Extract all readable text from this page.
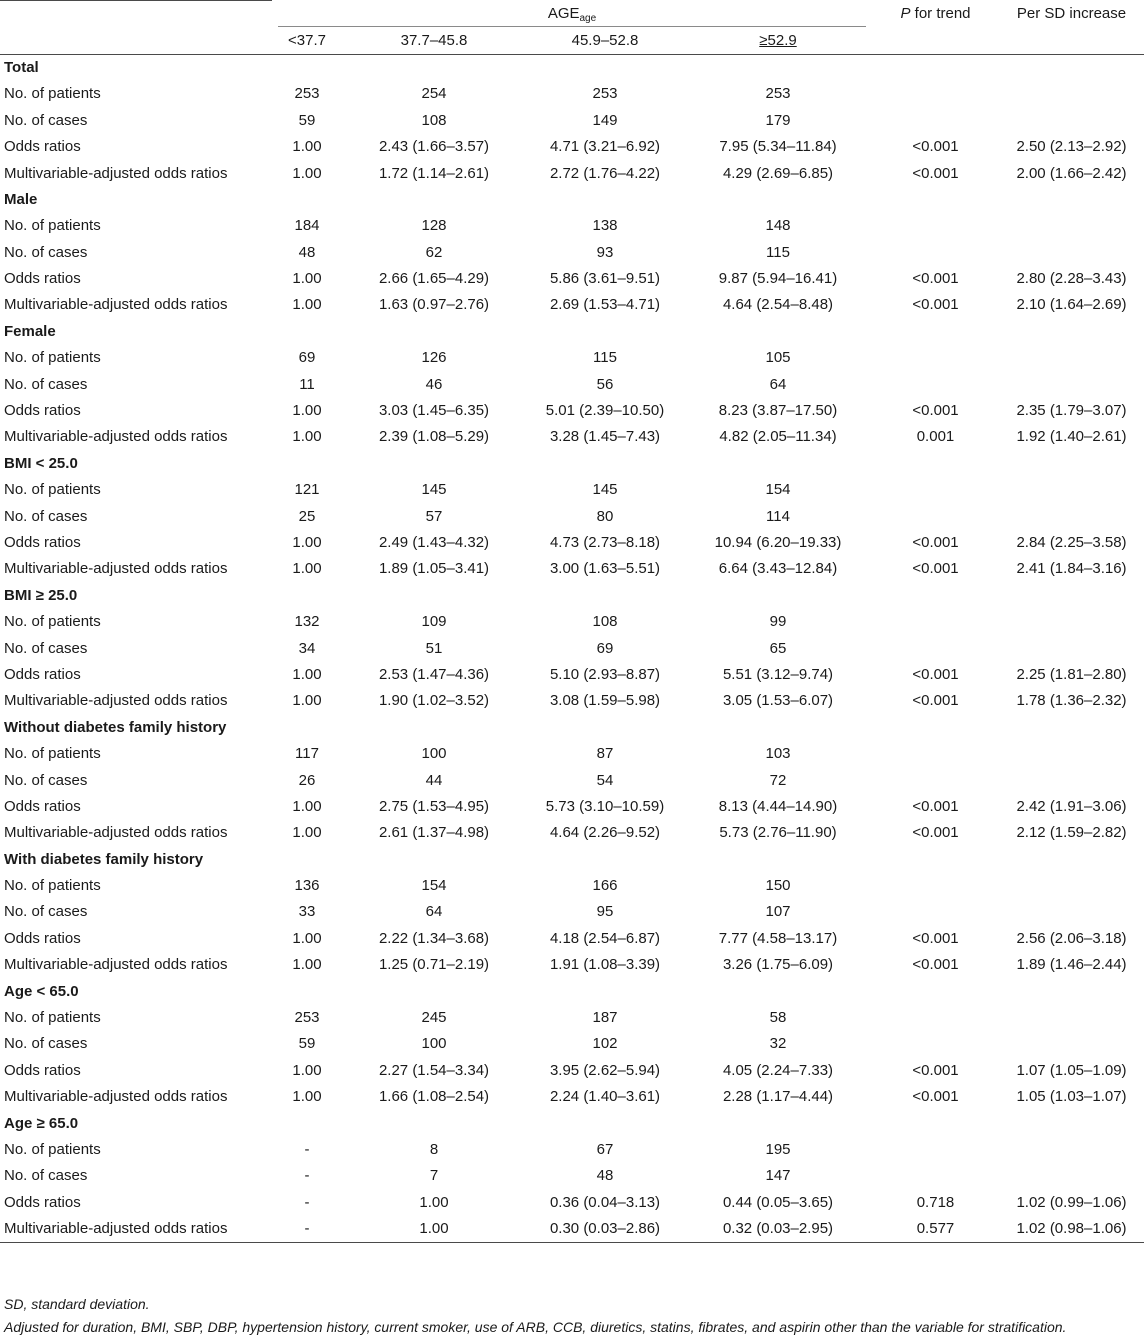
	$AGE_{age}$				P for trend	Per SD increase
	<37.7	37.7–45.8	45.9–52.8	≥52.9		
Total						
No. of patients	253	254	253	253		
No. of cases	59	108	149	179		
Odds ratios	1.00	2.43 (1.66–3.57)	4.71 (3.21–6.92)	7.95 (5.34–11.84)	<0.001	2.50 (2.13–2.92)
Multivariable-adjusted odds ratios	1.00	1.72 (1.14–2.61)	2.72 (1.76–4.22)	4.29 (2.69–6.85)	<0.001	2.00 (1.66–2.42)
Male						
No. of patients	184	128	138	148		
No. of cases	48	62	93	115		
Odds ratios	1.00	2.66 (1.65–4.29)	5.86 (3.61–9.51)	9.87 (5.94–16.41)	<0.001	2.80 (2.28–3.43)
Multivariable-adjusted odds ratios	1.00	1.63 (0.97–2.76)	2.69 (1.53–4.71)	4.64 (2.54–8.48)	<0.001	2.10 (1.64–2.69)
Female						
No. of patients	69	126	115	105		
No. of cases	11	46	56	64		
Odds ratios	1.00	3.03 (1.45–6.35)	5.01 (2.39–10.50)	8.23 (3.87–17.50)	<0.001	2.35 (1.79–3.07)
Multivariable-adjusted odds ratios	1.00	2.39 (1.08–5.29)	3.28 (1.45–7.43)	4.82 (2.05–11.34)	0.001	1.92 (1.40–2.61)
BMI < 25.0						
No. of patients	121	145	145	154		
No. of cases	25	57	80	114		
Odds ratios	1.00	2.49 (1.43–4.32)	4.73 (2.73–8.18)	10.94 (6.20–19.33)	<0.001	2.84 (2.25–3.58)
Multivariable-adjusted odds ratios	1.00	1.89 (1.05–3.41)	3.00 (1.63–5.51)	6.64 (3.43–12.84)	<0.001	2.41 (1.84–3.16)
BMI ≥ 25.0						
No. of patients	132	109	108	99		
No. of cases	34	51	69	65		
Odds ratios	1.00	2.53 (1.47–4.36)	5.10 (2.93–8.87)	5.51 (3.12–9.74)	<0.001	2.25 (1.81–2.80)
Multivariable-adjusted odds ratios	1.00	1.90 (1.02–3.52)	3.08 (1.59–5.98)	3.05 (1.53–6.07)	<0.001	1.78 (1.36–2.32)
Without diabetes family history						
No. of patients	117	100	87	103		
No. of cases	26	44	54	72		
Odds ratios	1.00	2.75 (1.53–4.95)	5.73 (3.10–10.59)	8.13 (4.44–14.90)	<0.001	2.42 (1.91–3.06)
Multivariable-adjusted odds ratios	1.00	2.61 (1.37–4.98)	4.64 (2.26–9.52)	5.73 (2.76–11.90)	<0.001	2.12 (1.59–2.82)
With diabetes family history						
No. of patients	136	154	166	150		
No. of cases	33	64	95	107		
Odds ratios	1.00	2.22 (1.34–3.68)	4.18 (2.54–6.87)	7.77 (4.58–13.17)	<0.001	2.56 (2.06–3.18)
Multivariable-adjusted odds ratios	1.00	1.25 (0.71–2.19)	1.91 (1.08–3.39)	3.26 (1.75–6.09)	<0.001	1.89 (1.46–2.44)
Age < 65.0						
No. of patients	253	245	187	58		
No. of cases	59	100	102	32		
Odds ratios	1.00	2.27 (1.54–3.34)	3.95 (2.62–5.94)	4.05 (2.24–7.33)	<0.001	1.07 (1.05–1.09)
Multivariable-adjusted odds ratios	1.00	1.66 (1.08–2.54)	2.24 (1.40–3.61)	2.28 (1.17–4.44)	<0.001	1.05 (1.03–1.07)
Age ≥ 65.0						
No. of patients	-	8	67	195		
No. of cases	-	7	48	147		
Odds ratios	-	1.00	0.36 (0.04–3.13)	0.44 (0.05–3.65)	0.718	1.02 (0.99–1.06)
Multivariable-adjusted odds ratios	-	1.00	0.30 (0.03–2.86)	0.32 (0.03–2.95)	0.577	1.02 (0.98–1.06)
SD, standard deviation.
Adjusted for duration, BMI, SBP, DBP, hypertension history, current smoker, use of ARB, CCB, diuretics, statins, fibrates, and aspirin other than the variable for stratification.
